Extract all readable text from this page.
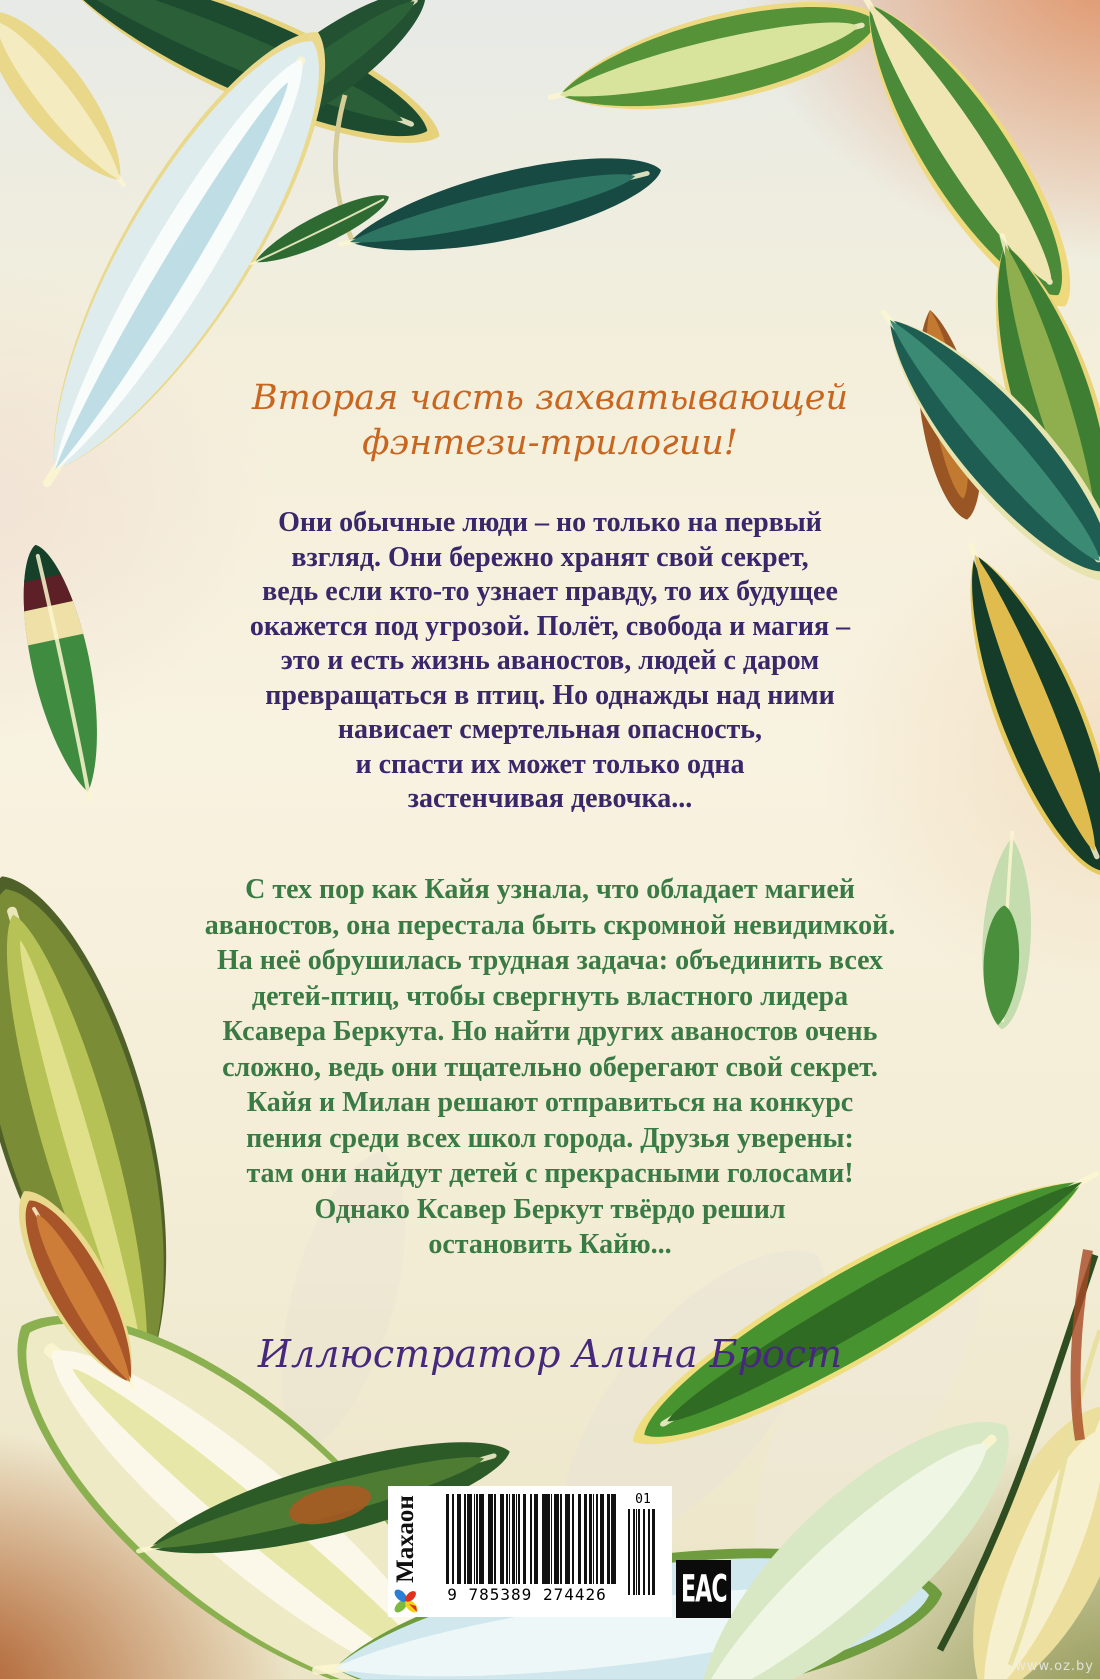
Вторая часть захватывающей
фэнтези-трилогии!
Они обычные люди – но только на первый
взгляд. Они бережно хранят свой секрет,
ведь если кто-то узнает правду, то их будущее
окажется под угрозой. Полёт, свобода и магия –
это и есть жизнь аваностов, людей с даром
превращаться в птиц. Но однажды над ними
нависает смертельная опасность,
и спасти их может только одна
застенчивая девочка...
С тех пор как Кайя узнала, что обладает магией
аваностов, она перестала быть скромной невидимкой.
На неё обрушилась трудная задача: объединить всех
детей-птиц, чтобы свергнуть властного лидера
Ксавера Беркута. Но найти других аваностов очень
сложно, ведь они тщательно оберегают свой секрет.
Кайя и Милан решают отправиться на конкурс
пения среди всех школ города. Друзья уверены:
там они найдут детей с прекрасными голосами!
Однако Ксавер Беркут твёрдо решил
остановить Кайю...
Иллюстратор Алина Брост
Махаон
9 785389 274426
01
ЕАС
www.oz.by
